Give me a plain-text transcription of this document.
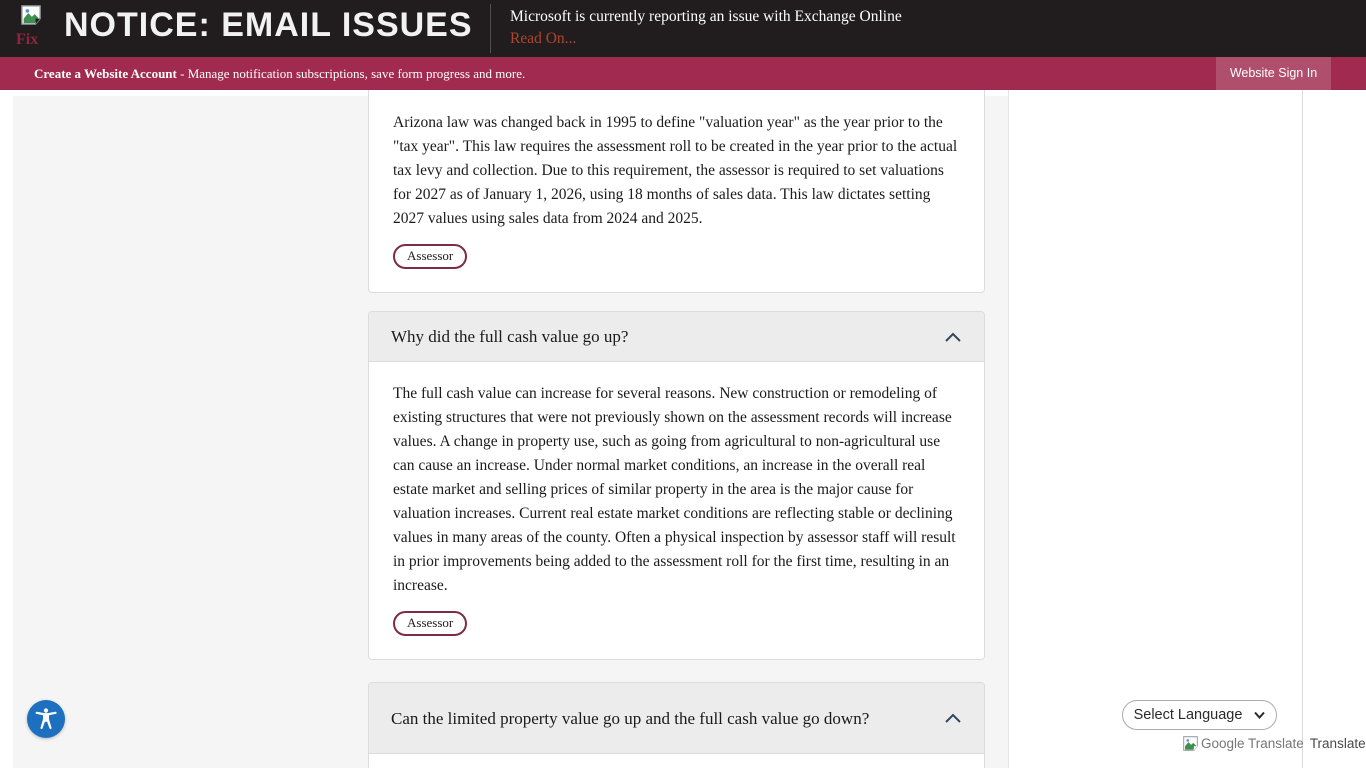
Fix NOTICE: EMAIL ISSUES Microsoft is currently reporting an issue with Exchange Online
Read On...
Create a Website Account - Manage notification subscriptions, save form progress and more.	Website Sign In
Arizona law was changed back in 1995 to define "valuation year" as the year prior to the "tax year". This law requires the assessment roll to be created in the year prior to the actual tax levy and collection. Due to this requirement, the assessor is required to set valuations for 2027 as of January 1, 2026, using 18 months of sales data. This law dictates setting 2027 values using sales data from 2024 and 2025.
Assessor
Why did the full cash value go up?
The full cash value can increase for several reasons. New construction or remodeling of existing structures that were not previously shown on the assessment records will increase values. A change in property use, such as going from agricultural to non-agricultural use can cause an increase. Under normal market conditions, an increase in the overall real estate market and selling prices of similar property in the area is the major cause for valuation increases. Current real estate market conditions are reflecting stable or declining values in many areas of the county. Often a physical inspection by assessor staff will result in prior improvements being added to the assessment roll for the first time, resulting in an increase.
Assessor
Can the limited property value go up and the full cash value go down?	Select Language
Google Translate Translate
